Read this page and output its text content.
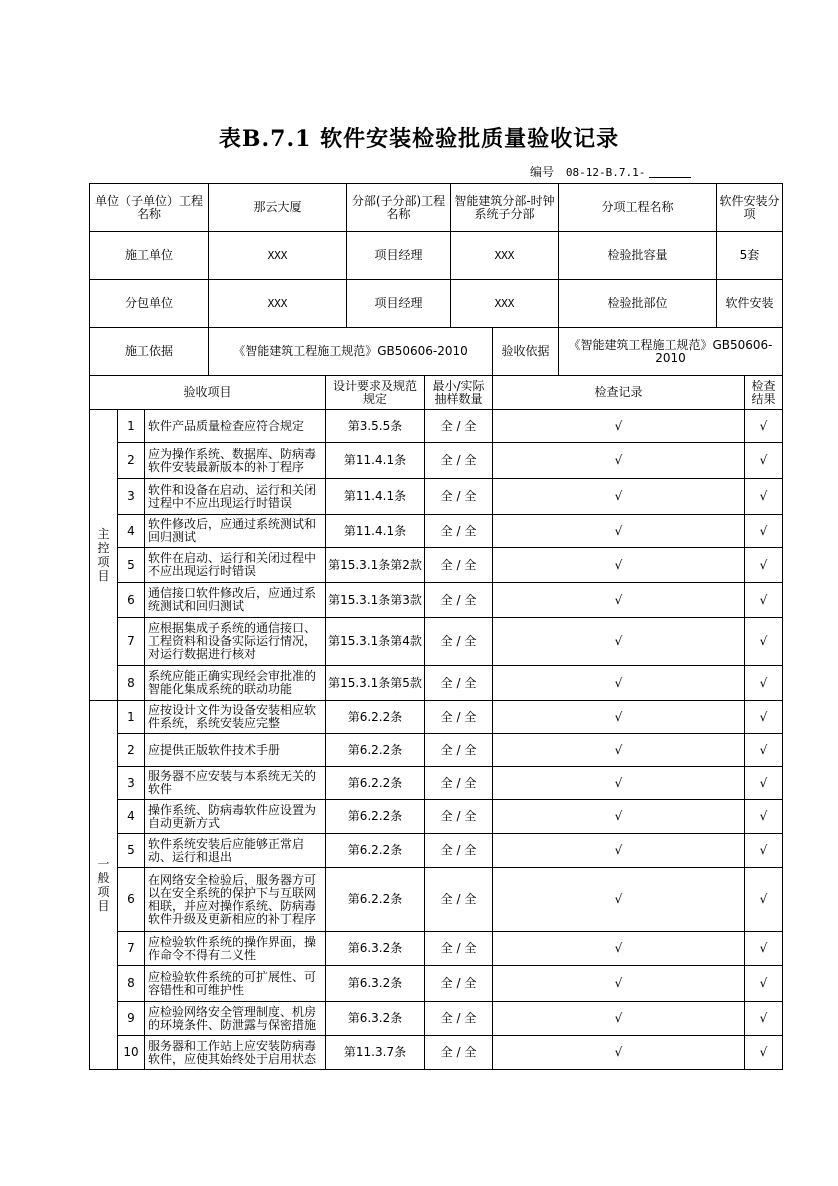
表B.7.1 软件安装检验批质量验收记录
编号 08-12-B.7.1-
单位（子单位）工程名称			那云大厦		分部(子分部)工程名称		智能建筑分部-时钟系统子分部		分项工程名称	软件安装分项	
施工单位			XXX		项目经理		XXX		检验批容量	5套	
分包单位			XXX		项目经理		XXX		检验批部位	软件安装	
施工依据			《智能建筑工程施工规范》GB50606-2010					验收依据	《智能建筑工程施工规范》GB50606-2010		
验收项目				设计要求及规范规定		最小/实际抽样数量		检查记录			检查结果
主控项目	1	软件产品质量检查应符合规定		第3.5.5条		全 / 全		√			√
	2	应为操作系统、数据库、防病毒软件安装最新版本的补丁程序		第11.4.1条		全 / 全		√			√
	3	软件和设备在启动、运行和关闭过程中不应出现运行时错误		第11.4.1条		全 / 全		√			√
	4	软件修改后，应通过系统测试和回归测试		第11.4.1条		全 / 全		√			√
	5	软件在启动、运行和关闭过程中不应出现运行时错误		第15.3.1条第2款		全 / 全		√			√
	6	通信接口软件修改后，应通过系统测试和回归测试		第15.3.1条第3款		全 / 全		√			√
	7	应根据集成子系统的通信接口、工程资料和设备实际运行情况，对运行数据进行核对		第15.3.1条第4款		全 / 全		√			√
	8	系统应能正确实现经会审批准的智能化集成系统的联动功能		第15.3.1条第5款		全 / 全		√			√
一般项目	1	应按设计文件为设备安装相应软件系统，系统安装应完整		第6.2.2条		全 / 全		√			√
	2	应提供正版软件技术手册		第6.2.2条		全 / 全		√			√
	3	服务器不应安装与本系统无关的软件		第6.2.2条		全 / 全		√			√
	4	操作系统、防病毒软件应设置为自动更新方式		第6.2.2条		全 / 全		√			√
	5	软件系统安装后应能够正常启动、运行和退出		第6.2.2条		全 / 全		√			√
	6	在网络安全检验后，服务器方可以在安全系统的保护下与互联网相联，并应对操作系统、防病毒软件升级及更新相应的补丁程序		第6.2.2条		全 / 全		√			√
	7	应检验软件系统的操作界面，操作命令不得有二义性		第6.3.2条		全 / 全		√			√
	8	应检验软件系统的可扩展性、可容错性和可维护性		第6.3.2条		全 / 全		√			√
	9	应检验网络安全管理制度、机房的环境条件、防泄露与保密措施		第6.3.2条		全 / 全		√			√
	10	服务器和工作站上应安装防病毒软件，应使其始终处于启用状态		第11.3.7条		全 / 全		√			√
